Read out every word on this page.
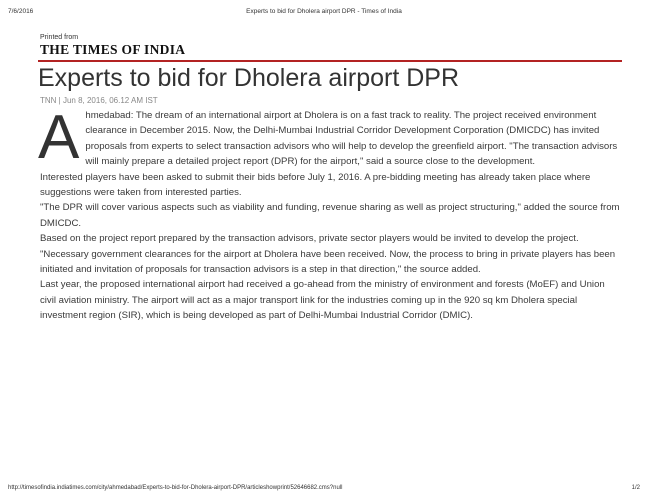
7/6/2016	Experts to bid for Dholera airport DPR - Times of India
Printed from
THE TIMES OF INDIA
Experts to bid for Dholera airport DPR
TNN | Jun 8, 2016, 06.12 AM IST

Ahmedabad: The dream of an international airport at Dholera is on a fast track to reality. The project received environment clearance in December 2015. Now, the Delhi-Mumbai Industrial Corridor Development Corporation (DMICDC) has invited proposals from experts to select transaction advisors who will help to develop the greenfield airport. "The transaction advisors will mainly prepare a detailed project report (DPR) for the airport," said a source close to the development.

Interested players have been asked to submit their bids before July 1, 2016. A pre-bidding meeting has already taken place where suggestions were taken from interested parties.

"The DPR will cover various aspects such as viability and funding, revenue sharing as well as project structuring," added the source from DMICDC.

Based on the project report prepared by the transaction advisors, private sector players would be invited to develop the project. "Necessary government clearances for the airport at Dholera have been received. Now, the process to bring in private players has been initiated and invitation of proposals for transaction advisors is a step in that direction," the source added.

Last year, the proposed international airport had received a go-ahead from the ministry of environment and forests (MoEF) and Union civil aviation ministry. The airport will act as a major transport link for the industries coming up in the 920 sq km Dholera special investment region (SIR), which is being developed as part of Delhi-Mumbai Industrial Corridor (DMIC).

http://timesofindia.indiatimes.com/city/ahmedabad/Experts-to-bid-for-Dholera-airport-DPR/articleshowprint/52646682.cms?null	1/2
